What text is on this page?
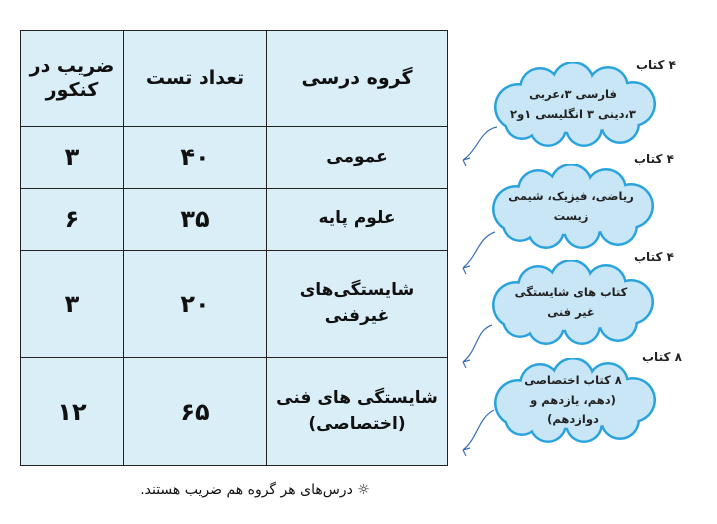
گروه درسی	تعداد تست	ضریب در کنکور
عمومی	۴۰	۳
علوم پایه	۳۵	۶
شایستگی‌های غیرفنی	۲۰	۳
شایستگی های فنی (اختصاصی)	۶۵	۱۲
۴ کتاب
فارسی ۳،عربی ۳،دینی ۳ انگلیسی ۱و۲
۴ کتاب
ریاضی، فیزیک، شیمی زیست
۴ کتاب
کتاب های شایستگی غیر فنی
۸ کتاب
۸ کتاب اختصاصی (دهم، یازدهم و دوازدهم)
☼ درس‌های هر گروه هم ضریب هستند.
